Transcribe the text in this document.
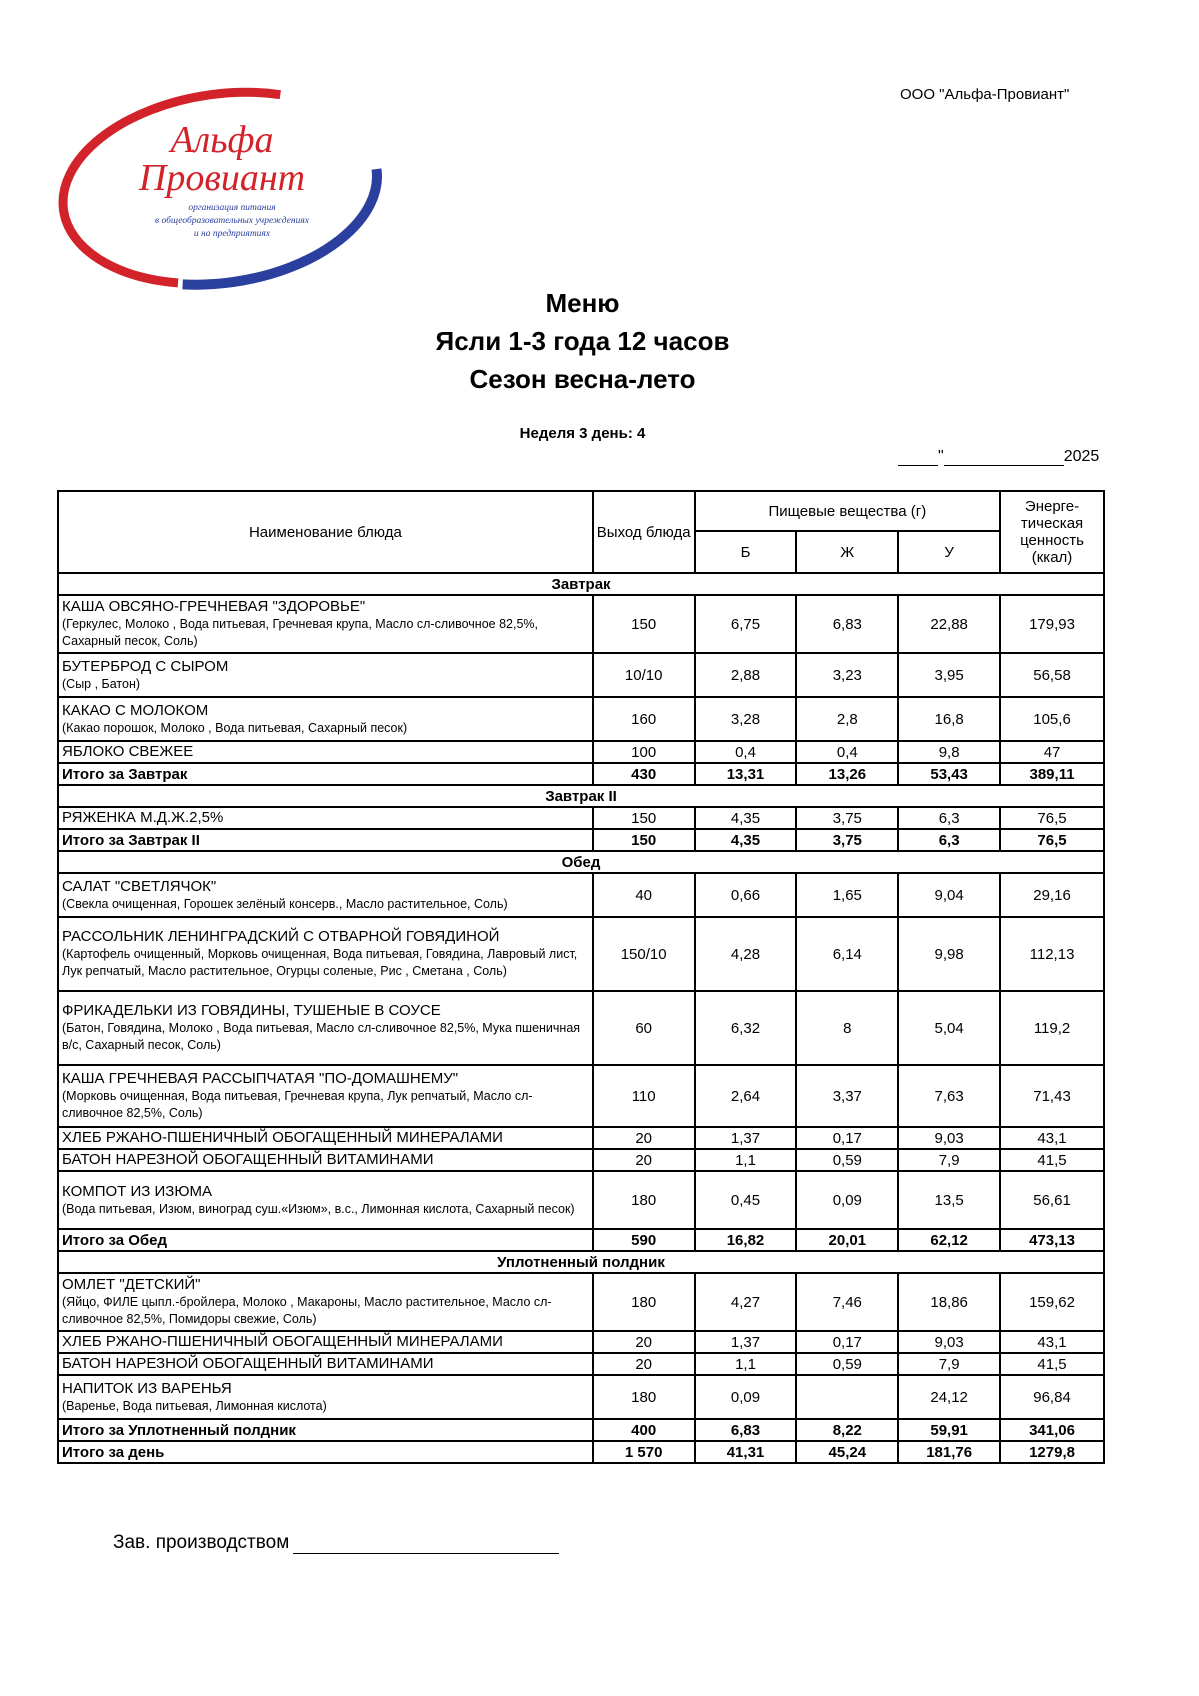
ООО "Альфа-Провиант"
Альфа
Провиант
организация питания
в общеобразовательных учреждениях
и на предприятиях
Меню
Ясли 1-3 года 12 часов
Сезон весна-лето
Неделя 3 день: 4
"	2025
Наименование блюда	Выход блюда	Пищевые вещества (г)			Энерге-тическая ценность (ккал)
		Б	Ж	У	
Завтрак					

КАША ОВСЯНО-ГРЕЧНЕВАЯ "ЗДОРОВЬЕ"
(Геркулес, Молоко , Вода питьевая, Гречневая крупа, Масло сл-сливочное 82,5%, Сахарный песок, Соль)	150	6,75	6,83	22,88	179,93

БУТЕРБРОД С СЫРОМ
(Сыр , Батон)	10/10	2,88	3,23	3,95	56,58

КАКАО С МОЛОКОМ
(Какао порошок, Молоко , Вода питьевая, Сахарный песок)	160	3,28	2,8	16,8	105,6

ЯБЛОКО СВЕЖЕЕ	100	0,4	0,4	9,8	47
Итого за Завтрак	430	13,31	13,26	53,43	389,11
Завтрак II					

РЯЖЕНКА М.Д.Ж.2,5%	150	4,35	3,75	6,3	76,5
Итого за Завтрак II	150	4,35	3,75	6,3	76,5
Обед					

САЛАТ "СВЕТЛЯЧОК"
(Свекла очищенная, Горошек зелёный консерв., Масло растительное, Соль)	40	0,66	1,65	9,04	29,16

РАССОЛЬНИК ЛЕНИНГРАДСКИЙ С ОТВАРНОЙ ГОВЯДИНОЙ
(Картофель очищенный, Морковь очищенная, Вода питьевая, Говядина, Лавровый лист, Лук репчатый, Масло растительное, Огурцы соленые, Рис , Сметана , Соль)	150/10	4,28	6,14	9,98	112,13

ФРИКАДЕЛЬКИ ИЗ ГОВЯДИНЫ, ТУШЕНЫЕ В СОУСЕ
(Батон, Говядина, Молоко , Вода питьевая, Масло сл-сливочное 82,5%, Мука пшеничная в/с, Сахарный песок, Соль)	60	6,32	8	5,04	119,2

КАША ГРЕЧНЕВАЯ РАССЫПЧАТАЯ "ПО-ДОМАШНЕМУ"
(Морковь очищенная, Вода питьевая, Гречневая крупа, Лук репчатый, Масло сл-сливочное 82,5%, Соль)	110	2,64	3,37	7,63	71,43

ХЛЕБ РЖАНО-ПШЕНИЧНЫЙ ОБОГАЩЕННЫЙ МИНЕРАЛАМИ	20	1,37	0,17	9,03	43,1

БАТОН НАРЕЗНОЙ ОБОГАЩЕННЫЙ ВИТАМИНАМИ	20	1,1	0,59	7,9	41,5

КОМПОТ ИЗ ИЗЮМА
(Вода питьевая, Изюм, виноград суш.«Изюм», в.с., Лимонная кислота, Сахарный песок)	180	0,45	0,09	13,5	56,61
Итого за Обед	590	16,82	20,01	62,12	473,13
Уплотненный полдник					

ОМЛЕТ "ДЕТСКИЙ"
(Яйцо, ФИЛЕ цыпл.-бройлера, Молоко , Макароны, Масло растительное, Масло сл-сливочное 82,5%, Помидоры свежие, Соль)	180	4,27	7,46	18,86	159,62

ХЛЕБ РЖАНО-ПШЕНИЧНЫЙ ОБОГАЩЕННЫЙ МИНЕРАЛАМИ	20	1,37	0,17	9,03	43,1

БАТОН НАРЕЗНОЙ ОБОГАЩЕННЫЙ ВИТАМИНАМИ	20	1,1	0,59	7,9	41,5

НАПИТОК ИЗ ВАРЕНЬЯ
(Варенье, Вода питьевая, Лимонная кислота)	180	0,09		24,12	96,84
Итого за Уплотненный полдник	400	6,83	8,22	59,91	341,06
Итого за день	1 570	41,31	45,24	181,76	1279,8
Зав. производством
